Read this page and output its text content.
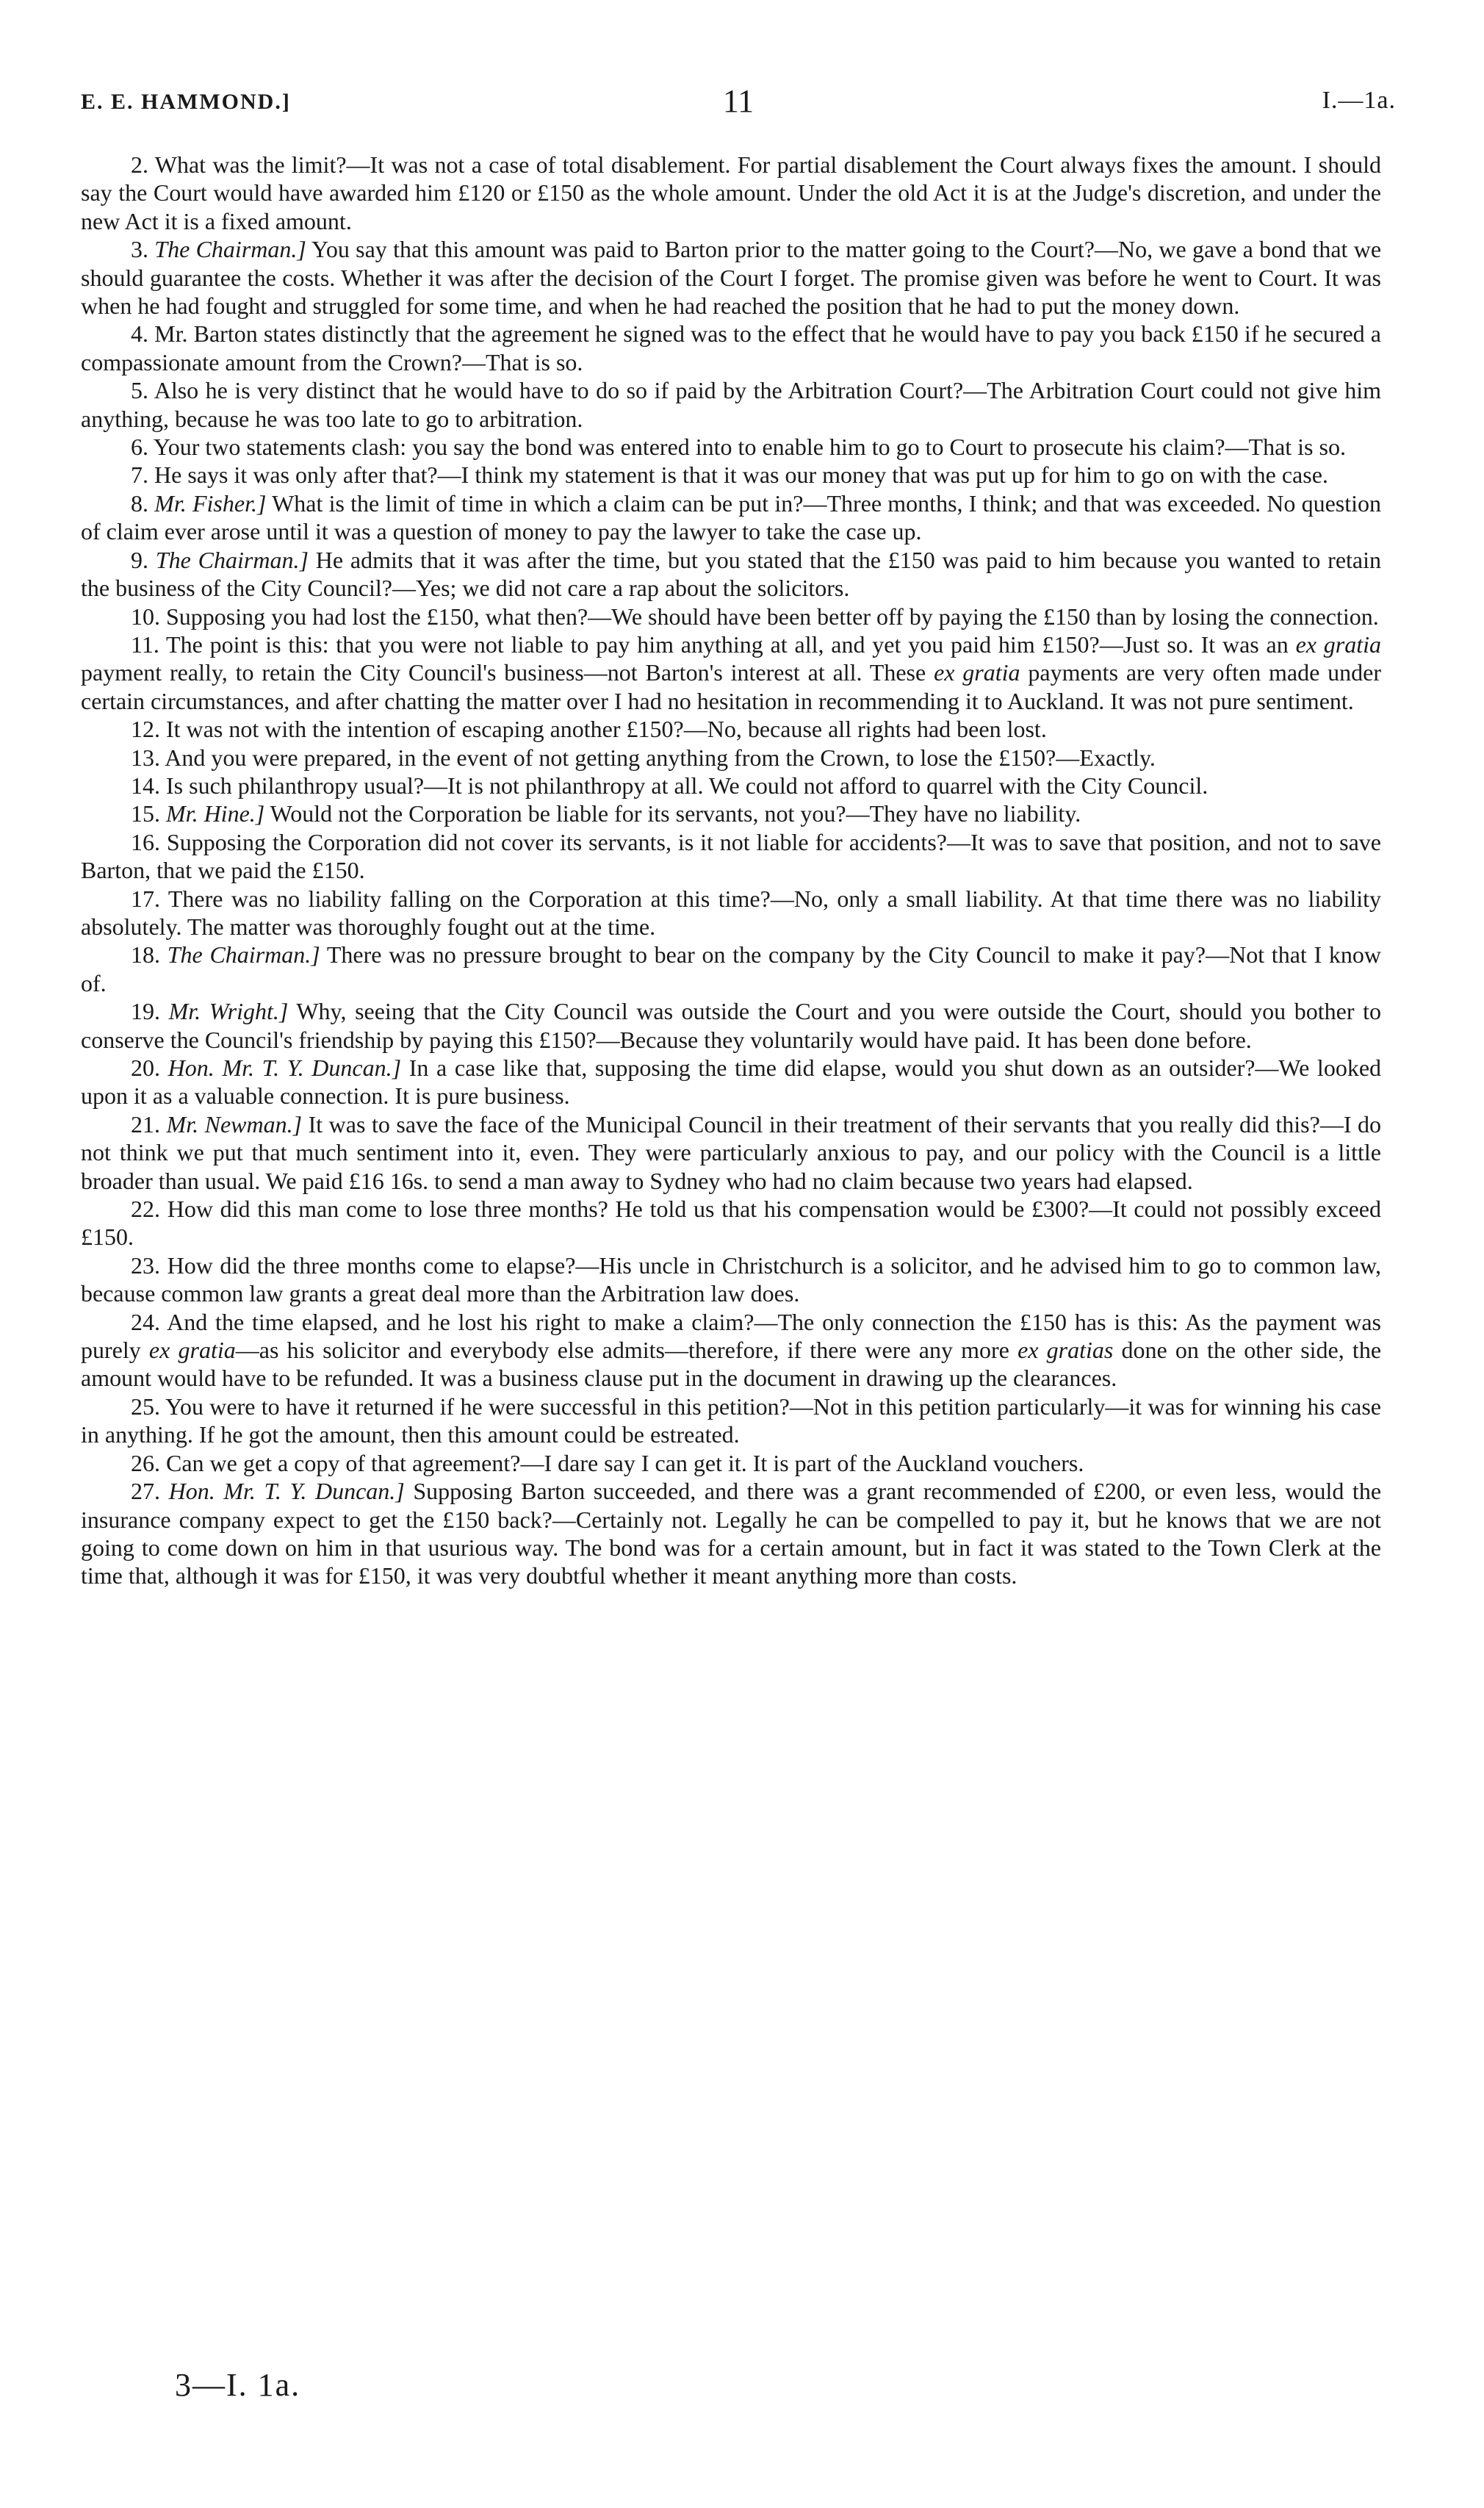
E. E. HAMMOND.]	11	I.—1a.

2. What was the limit?—It was not a case of total disablement. For partial disablement the Court always fixes the amount. I should say the Court would have awarded him £120 or £150 as the whole amount. Under the old Act it is at the Judge's discretion, and under the new Act it is a fixed amount.

3. The Chairman.] You say that this amount was paid to Barton prior to the matter going to the Court?—No, we gave a bond that we should guarantee the costs. Whether it was after the decision of the Court I forget. The promise given was before he went to Court. It was when he had fought and struggled for some time, and when he had reached the position that he had to put the money down.

4. Mr. Barton states distinctly that the agreement he signed was to the effect that he would have to pay you back £150 if he secured a compassionate amount from the Crown?—That is so.

5. Also he is very distinct that he would have to do so if paid by the Arbitration Court?—The Arbitration Court could not give him anything, because he was too late to go to arbitration.

6. Your two statements clash: you say the bond was entered into to enable him to go to Court to prosecute his claim?—That is so.

7. He says it was only after that?—I think my statement is that it was our money that was put up for him to go on with the case.

8. Mr. Fisher.] What is the limit of time in which a claim can be put in?—Three months, I think; and that was exceeded. No question of claim ever arose until it was a question of money to pay the lawyer to take the case up.

9. The Chairman.] He admits that it was after the time, but you stated that the £150 was paid to him because you wanted to retain the business of the City Council?—Yes; we did not care a rap about the solicitors.

10. Supposing you had lost the £150, what then?—We should have been better off by paying the £150 than by losing the connection.

11. The point is this: that you were not liable to pay him anything at all, and yet you paid him £150?—Just so. It was an ex gratia payment really, to retain the City Council's business—not Barton's interest at all. These ex gratia payments are very often made under certain circumstances, and after chatting the matter over I had no hesitation in recommending it to Auckland. It was not pure sentiment.

12. It was not with the intention of escaping another £150?—No, because all rights had been lost.

13. And you were prepared, in the event of not getting anything from the Crown, to lose the £150?—Exactly.

14. Is such philanthropy usual?—It is not philanthropy at all. We could not afford to quarrel with the City Council.

15. Mr. Hine.] Would not the Corporation be liable for its servants, not you?—They have no liability.

16. Supposing the Corporation did not cover its servants, is it not liable for accidents?—It was to save that position, and not to save Barton, that we paid the £150.

17. There was no liability falling on the Corporation at this time?—No, only a small liability. At that time there was no liability absolutely. The matter was thoroughly fought out at the time.

18. The Chairman.] There was no pressure brought to bear on the company by the City Council to make it pay?—Not that I know of.

19. Mr. Wright.] Why, seeing that the City Council was outside the Court and you were outside the Court, should you bother to conserve the Council's friendship by paying this £150?—Because they voluntarily would have paid. It has been done before.

20. Hon. Mr. T. Y. Duncan.] In a case like that, supposing the time did elapse, would you shut down as an outsider?—We looked upon it as a valuable connection. It is pure business.

21. Mr. Newman.] It was to save the face of the Municipal Council in their treatment of their servants that you really did this?—I do not think we put that much sentiment into it, even. They were particularly anxious to pay, and our policy with the Council is a little broader than usual. We paid £16 16s. to send a man away to Sydney who had no claim because two years had elapsed.

22. How did this man come to lose three months? He told us that his compensation would be £300?—It could not possibly exceed £150.

23. How did the three months come to elapse?—His uncle in Christchurch is a solicitor, and he advised him to go to common law, because common law grants a great deal more than the Arbitration law does.

24. And the time elapsed, and he lost his right to make a claim?—The only connection the £150 has is this: As the payment was purely ex gratia—as his solicitor and everybody else admits—therefore, if there were any more ex gratias done on the other side, the amount would have to be refunded. It was a business clause put in the document in drawing up the clearances.

25. You were to have it returned if he were successful in this petition?—Not in this petition particularly—it was for winning his case in anything. If he got the amount, then this amount could be estreated.

26. Can we get a copy of that agreement?—I dare say I can get it. It is part of the Auckland vouchers.

27. Hon. Mr. T. Y. Duncan.] Supposing Barton succeeded, and there was a grant recommended of £200, or even less, would the insurance company expect to get the £150 back?—Certainly not. Legally he can be compelled to pay it, but he knows that we are not going to come down on him in that usurious way. The bond was for a certain amount, but in fact it was stated to the Town Clerk at the time that, although it was for £150, it was very doubtful whether it meant anything more than costs.

3—I. 1a.
